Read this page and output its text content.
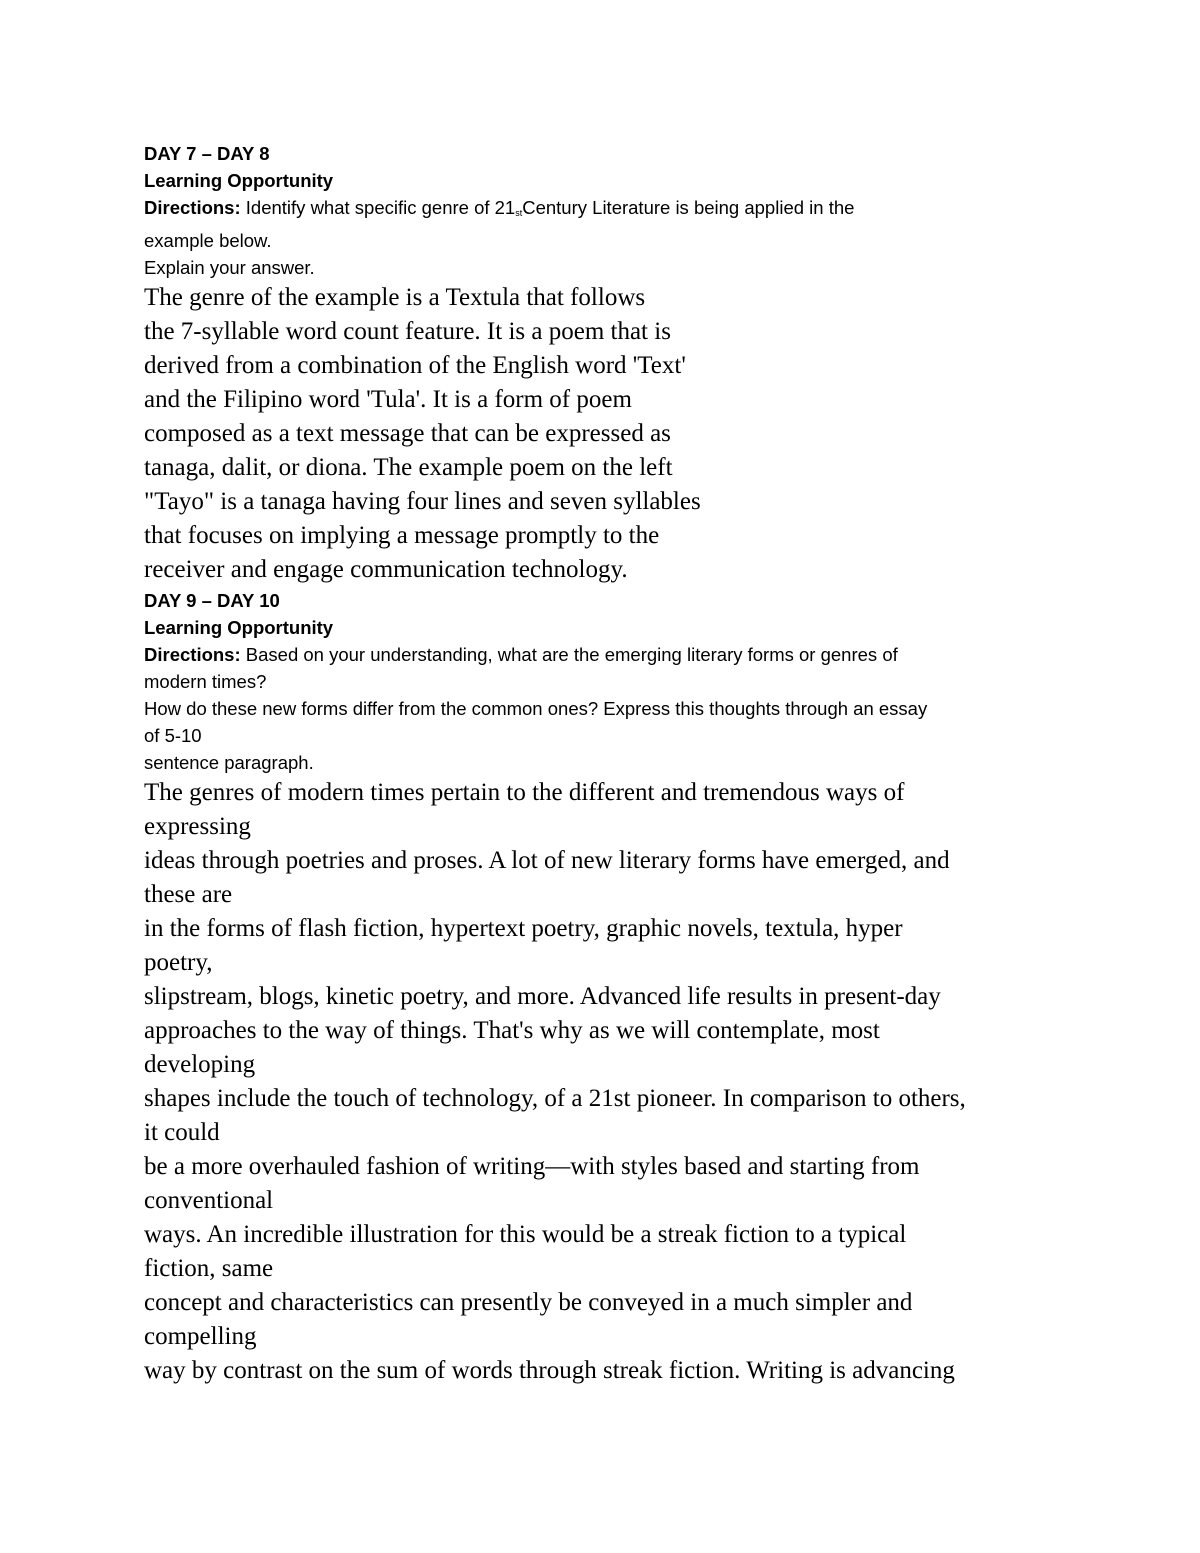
DAY 7 – DAY 8
Learning Opportunity
Directions: Identify what specific genre of 21stCentury Literature is being applied in the
example below.
Explain your answer.
The genre of the example is a Textula that follows
the 7-syllable word count feature. It is a poem that is
derived from a combination of the English word 'Text'
and the Filipino word 'Tula'. It is a form of poem
composed as a text message that can be expressed as
tanaga, dalit, or diona. The example poem on the left
"Tayo" is a tanaga having four lines and seven syllables
that focuses on implying a message promptly to the
receiver and engage communication technology.
DAY 9 – DAY 10
Learning Opportunity
Directions: Based on your understanding, what are the emerging literary forms or genres of
modern times?
How do these new forms differ from the common ones? Express this thoughts through an essay
of 5-10
sentence paragraph.
The genres of modern times pertain to the different and tremendous ways of
expressing
ideas through poetries and proses. A lot of new literary forms have emerged, and
these are
in the forms of flash fiction, hypertext poetry, graphic novels, textula, hyper
poetry,
slipstream, blogs, kinetic poetry, and more. Advanced life results in present-day
approaches to the way of things. That's why as we will contemplate, most
developing
shapes include the touch of technology, of a 21st pioneer. In comparison to others,
it could
be a more overhauled fashion of writing—with styles based and starting from
conventional
ways. An incredible illustration for this would be a streak fiction to a typical
fiction, same
concept and characteristics can presently be conveyed in a much simpler and
compelling
way by contrast on the sum of words through streak fiction. Writing is advancing
